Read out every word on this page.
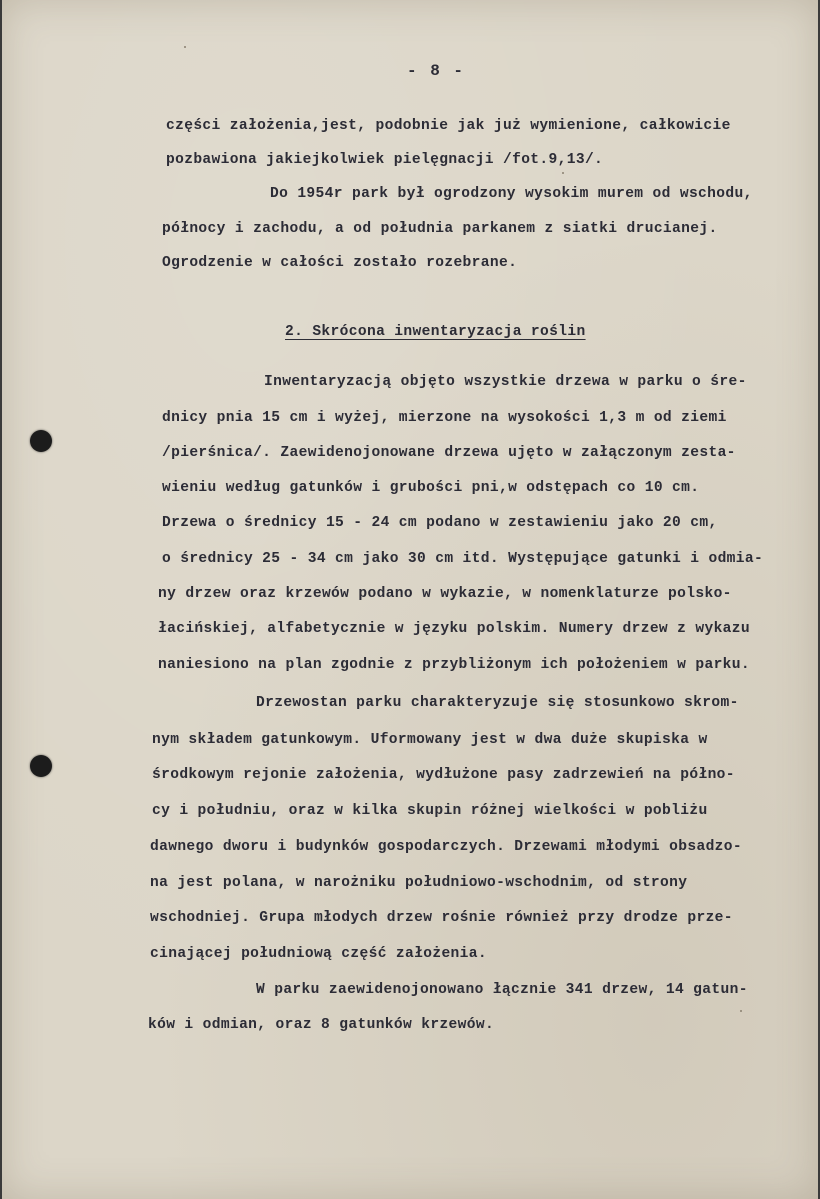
- 8 -
części założenia,jest, podobnie jak już wymienione, całkowicie
pozbawiona jakiejkolwiek pielęgnacji /fot.9,13/.
Do 1954r park był ogrodzony wysokim murem od wschodu,
północy i zachodu, a od południa parkanem z siatki drucianej.
Ogrodzenie w całości zostało rozebrane.
2. Skrócona inwentaryzacja roślin
Inwentaryzacją objęto wszystkie drzewa w parku o śre-
dnicy pnia 15 cm i wyżej, mierzone na wysokości 1,3 m od ziemi
/pierśnica/. Zaewidenojonowane drzewa ujęto w załączonym zesta-
wieniu według gatunków i grubości pni,w odstępach co 10 cm.
Drzewa o średnicy 15 - 24 cm podano w zestawieniu jako 20 cm,
o średnicy 25 - 34 cm jako 30 cm itd. Występujące gatunki i odmia-
ny drzew oraz krzewów podano w wykazie, w nomenklaturze polsko-
łacińskiej, alfabetycznie w języku polskim. Numery drzew z wykazu
naniesiono na plan zgodnie z przybliżonym ich położeniem w parku.
Drzewostan parku charakteryzuje się stosunkowo skrom-
nym składem gatunkowym. Uformowany jest w dwa duże skupiska w
środkowym rejonie założenia, wydłużone pasy zadrzewień na półno-
cy i południu, oraz w kilka skupin różnej wielkości w pobliżu
dawnego dworu i budynków gospodarczych. Drzewami młodymi obsadzo-
na jest polana, w narożniku południowo-wschodnim, od strony
wschodniej. Grupa młodych drzew rośnie również przy drodze prze-
cinającej południową część założenia.
W parku zaewidenojonowano łącznie 341 drzew, 14 gatun-
ków i odmian, oraz 8 gatunków krzewów.
